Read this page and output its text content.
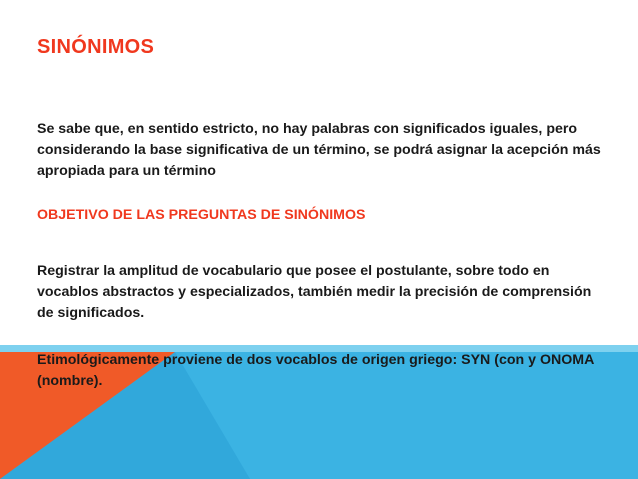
SINÓNIMOS
Se sabe que, en sentido estricto, no hay palabras con significados iguales, pero considerando la base significativa de un término, se podrá asignar la acepción más apropiada para un término
OBJETIVO DE LAS PREGUNTAS DE SINÓNIMOS
Registrar la amplitud de vocabulario que posee el postulante, sobre todo en vocablos abstractos y especializados, también medir la precisión de comprensión de significados.
Etimológicamente proviene de dos vocablos de origen griego: SYN (con y ONOMA (nombre).
